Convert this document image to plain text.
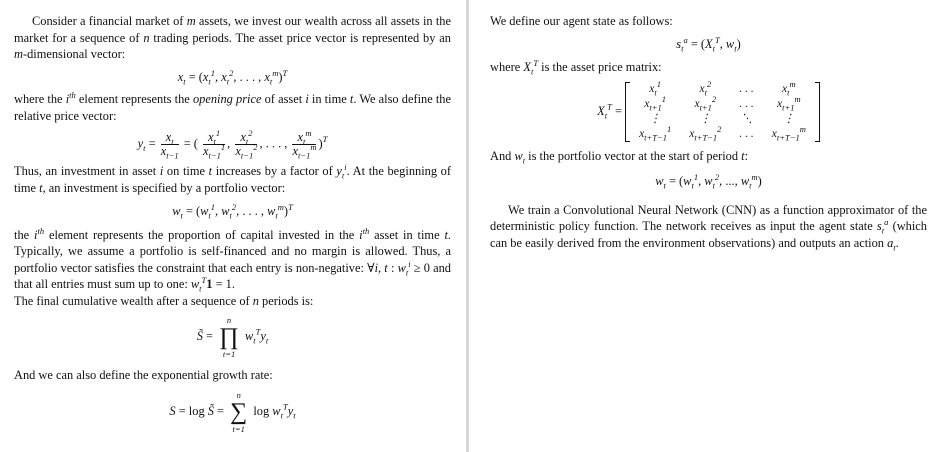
Consider a financial market of m assets, we invest our wealth across all assets in the market for a sequence of n trading periods. The asset price vector is represented by an m-dimensional vector:

$x_t = (x_t^1$, $x_t^2$, . . . , $x_t^m)^T$

where the $i^{th}$ element represents the opening price of asset i in time t. We also define the relative price vector:

$y_t = \frac{x_t}{x_{t-1}}$ = ( $\frac{x_t^1}{x_{t-1}^1}$ , $\frac{x_t^2}{x_{t-1}^2}$ , . . . , $\frac{x_t^m}{x_{t-1}^m} )^T$

Thus, an investment in asset i on time t increases by a factor of $y_t^i$. At the beginning of time t, an investment is specified by a portfolio vector:

$w_t = (w_t^1$, $w_t^2$, . . . , $w_t^m)^T$

the $i^{th}$ element represents the proportion of capital invested in the $i^{th}$ asset in time t. Typically, we assume a portfolio is self-financed and no margin is allowed. Thus, a portfolio vector satisfies the constraint that each entry is non-negative: ∀i, t : $w_t^i \ge 0$ and that all entries must sum up to one: $w_t^T1 = 1$.

The final cumulative wealth after a sequence of n periods is:

S̃ =
n
∏
t=1
$w_t^Ty_t$

And we can also define the exponential growth rate:

S = log S̃ =
n
∑
t=1
$\log w_t^Ty_t$

We define our agent state as follows:

$s_t^a = (X_t^T$, $w_t$)

where $X_t^T$ is the asset price matrix:

$X_t^T$ =
$x_t^1$	$x_t^2$	. . .	$x_t^m$
$x_{t+1}^1$	$x_{t+1}^2$	. . .	$x_{t+1}^m$
⋮	⋮	⋱	⋮
$x_{t+T-1}^1$	$x_{t+T-1}^2$	. . .	$x_{t+T-1}^m$

And $w_t$ is the portfolio vector at the start of period t:

$w_t = (w_t^1$, $w_t^2$, ..., $w_t^m$)

We train a Convolutional Neural Network (CNN) as a function approximator of the deterministic policy function. The network receives as input the agent state $s_t^a$ (which can be easily derived from the environment observations) and outputs an action $a_t$.
